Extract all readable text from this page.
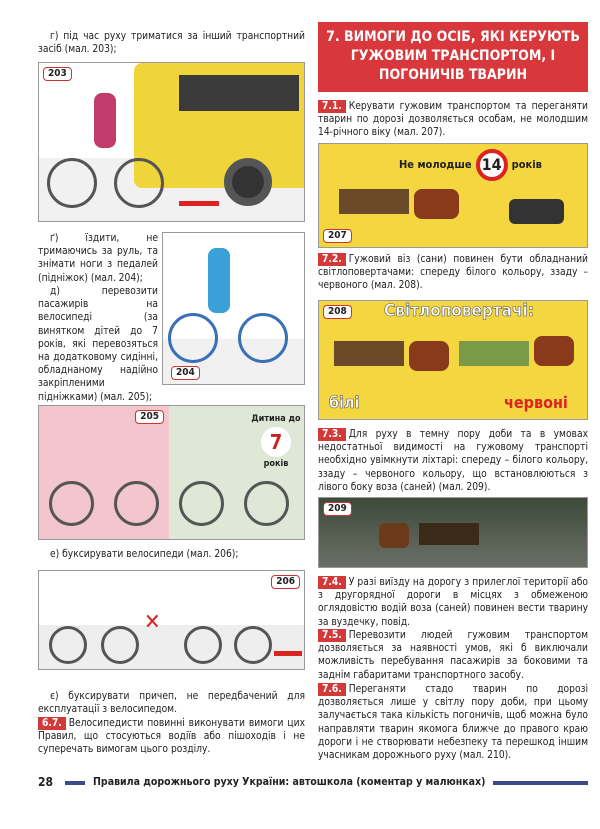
г) під час руху триматися за інший транспортний засіб (мал. 203);

203

ґ) їздити, не тримаючись за руль, та знімати ноги з педалей (підніжок) (мал. 204);

д) перевозити пасажирів на велосипеді (за винятком дітей до 7 років, які перевозяться на додатковому сидінні, обладнаному надійно закріпленими підніжками) (мал. 205);

204
205	Дитина до
7
років

е) буксирувати велосипеди (мал. 206);

206
✕

є) буксирувати причеп, не передбачений для експлуатації з велосипедом.

6.7. Велосипедисти повинні виконувати вимоги цих Правил, що стосуються водіїв або пішоходів і не суперечать вимогам цього розділу.

7. ВИМОГИ ДО ОСІБ, ЯКІ КЕРУЮТЬ ГУЖОВИМ ТРАНСПОРТОМ, І ПОГОНИЧІВ ТВАРИН

7.1. Керувати гужовим транспортом та переганяти тварин по дорозі дозволяється особам, не молодшим 14-річного віку (мал. 207).

207
Не молодше 14 років

7.2. Гужовий віз (сани) повинен бути обладнаний світлоповертачами: спереду білого кольору, ззаду – червоного (мал. 208).

208 Світлоповертачі:
білі	червоні

7.3. Для руху в темну пору доби та в умовах недостатньої видимості на гужовому транспорті необхідно увімкнути ліхтарі: спереду – білого кольору, ззаду – червоного кольору, що встановлюються з лівого боку воза (саней) (мал. 209).

209

7.4. У разі виїзду на дорогу з прилеглої території або з другорядної дороги в місцях з обмеженою оглядовістю водій воза (саней) повинен вести тварину за вуздечку, повід.

7.5. Перевозити людей гужовим транспортом дозволяється за наявності умов, які б виключали можливість перебування пасажирів за боковими та заднім габаритами транспортного засобу.

7.6. Переганяти стадо тварин по дорозі дозволяється лише у світлу пору доби, при цьому залучається така кількість погоничів, щоб можна було направляти тварин якомога ближче до правого краю дороги і не створювати небезпеку та перешкод іншим учасникам дорожнього руху (мал. 210).

28	Правила дорожнього руху України: автошкола (коментар у малюнках)
